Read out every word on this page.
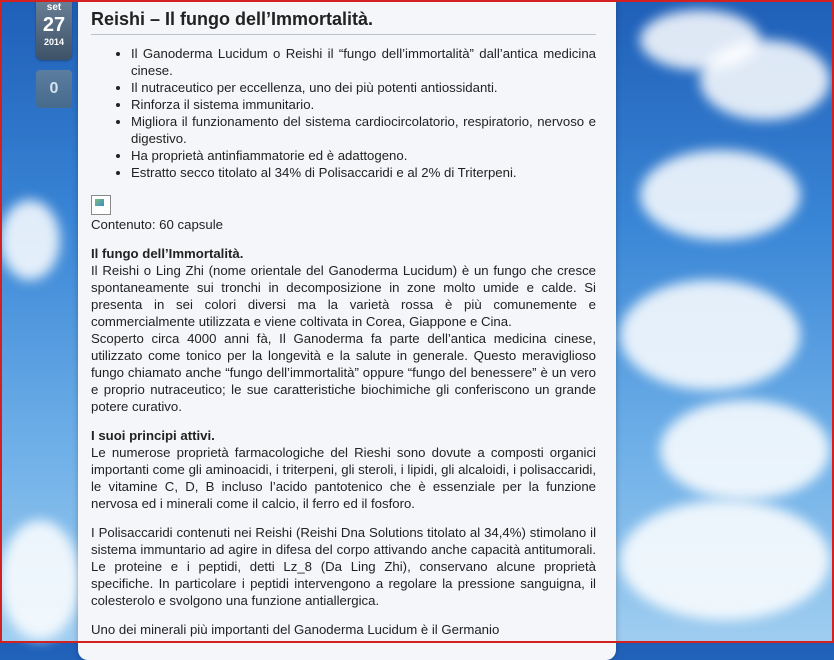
set
27
2014
0
Reishi – Il fungo dell’Immortalità.
• Il Ganoderma Lucidum o Reishi il “fungo dell’immortalità” dall’antica medicina cinese.
• Il nutraceutico per eccellenza, uno dei più potenti antiossidanti.
• Rinforza il sistema immunitario.
• Migliora il funzionamento del sistema cardiocircolatorio, respiratorio, nervoso e digestivo.
• Ha proprietà antinfiammatorie ed è adattogeno.
• Estratto secco titolato al 34% di Polisaccaridi e al 2% di Triterpeni.

Contenuto: 60 capsule

Il fungo dell’Immortalità.

Il Reishi o Ling Zhi (nome orientale del Ganoderma Lucidum) è un fungo che cresce spontaneamente sui tronchi in decomposizione in zone molto umide e calde. Si presenta in sei colori diversi ma la varietà rossa è più comunemente e commercialmente utilizzata e viene coltivata in Corea, Giappone e Cina.

Scoperto circa 4000 anni fà, Il Ganoderma fa parte dell’antica medicina cinese, utilizzato come tonico per la longevità e la salute in generale. Questo meraviglioso fungo chiamato anche “fungo dell’immortalità” oppure “fungo del benessere” è un vero e proprio nutraceutico; le sue caratteristiche biochimiche gli conferiscono un grande potere curativo.

I suoi principi attivi.

Le numerose proprietà farmacologiche del Rieshi sono dovute a composti organici importanti come gli aminoacidi, i triterpeni, gli steroli, i lipidi, gli alcaloidi, i polisaccaridi, le vitamine C, D, B incluso l’acido pantotenico che è essenziale per la funzione nervosa ed i minerali come il calcio, il ferro ed il fosforo.

I Polisaccaridi contenuti nei Reishi (Reishi Dna Solutions titolato al 34,4%) stimolano il sistema immuntario ad agire in difesa del corpo attivando anche capacità antitumorali. Le proteine e i peptidi, detti Lz_8 (Da Ling Zhi), conservano alcune proprietà specifiche. In particolare i peptidi intervengono a regolare la pressione sanguigna, il colesterolo e svolgono una funzione antiallergica.

Uno dei minerali più importanti del Ganoderma Lucidum è il Germanio
